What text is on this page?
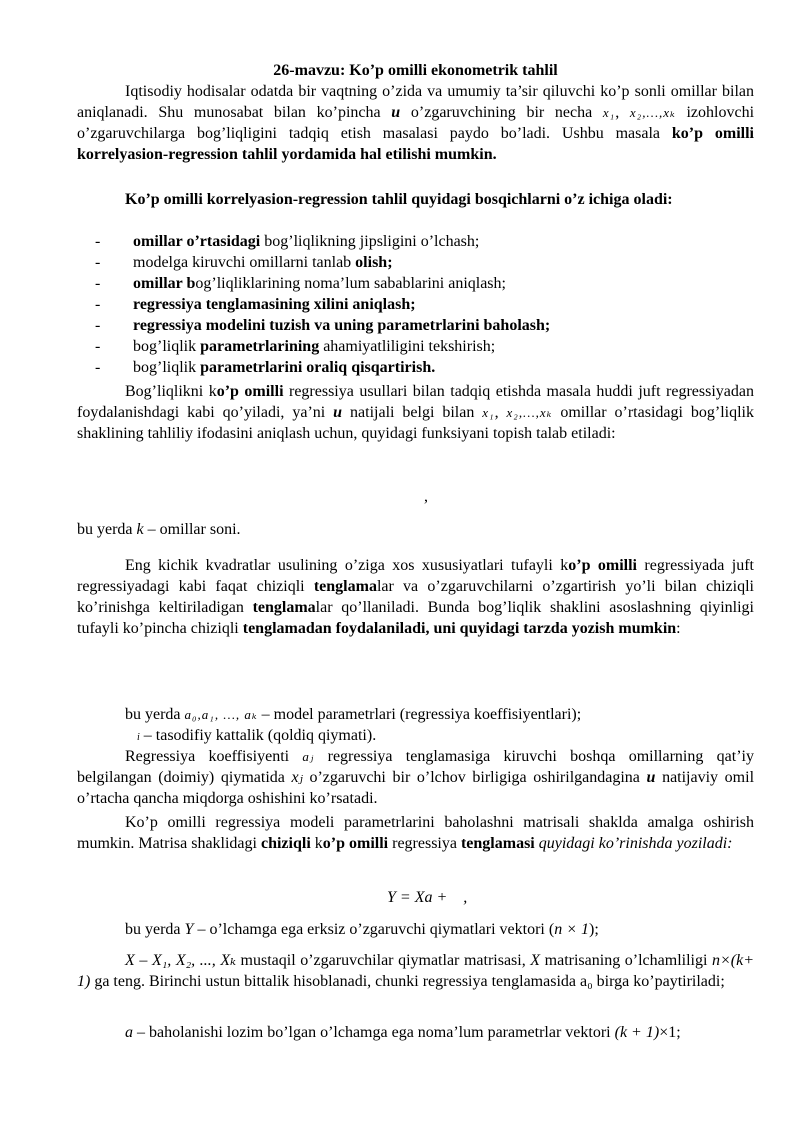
26-mavzu: Ko’p omilli ekonometrik tahlil

Iqtisodiy hodisalar odatda bir vaqtning o’zida va umumiy ta’sir qiluvchi ko’p sonli omillar bilan aniqlanadi. Shu munosabat bilan ko’pincha u o’zgaruvchining bir necha x₁, x₂,…,xₖ izohlovchi o’zgaruvchilarga bog’liqligini tadqiq etish masalasi paydo bo’ladi. Ushbu masala ko’p omilli korrelyasion-regression tahlil yordamida hal etilishi mumkin.

Ko’p omilli korrelyasion-regression tahlil quyidagi bosqichlarni o’z ichiga oladi:

- omillar o’rtasidagi bog’liqlikning jipsligini o’lchash;
- modelga kiruvchi omillarni tanlab olish;
- omillar bog’liqliklarining noma’lum sabablarini aniqlash;
- regressiya tenglamasining xilini aniqlash;
- regressiya modelini tuzish va uning parametrlarini baholash;
- bog’liqlik parametrlarining ahamiyatliligini tekshirish;
- bog’liqlik parametrlarini oraliq qisqartirish.

Bog’liqlikni ko’p omilli regressiya usullari bilan tadqiq etishda masala huddi juft regressiyadan foydalanishdagi kabi qo’yiladi, ya’ni u natijali belgi bilan x₁, x₂,…,xₖ omillar o’rtasidagi bog’liqlik shaklining tahliliy ifodasini aniqlash uchun, quyidagi funksiyani topish talab etiladi:

,

bu yerda k – omillar soni.

Eng kichik kvadratlar usulining o’ziga xos xususiyatlari tufayli ko’p omilli regressiyada juft regressiyadagi kabi faqat chiziqli tenglamalar va o’zgaruvchilarni o’zgartirish yo’li bilan chiziqli ko’rinishga keltiriladigan tenglamalar qo’llaniladi. Bunda bog’liqlik shaklini asoslashning qiyinligi tufayli ko’pincha chiziqli tenglamadan foydalaniladi, uni quyidagi tarzda yozish mumkin:

bu yerda a₀,a₁, …, aₖ – model parametrlari (regressiya koeffisiyentlari);

i – tasodifiy kattalik (qoldiq qiymati).

Regressiya koeffisiyenti aⱼ regressiya tenglamasiga kiruvchi boshqa omillarning qat’iy belgilangan (doimiy) qiymatida xⱼ o’zgaruvchi bir o’lchov birligiga oshirilgandagina u natijaviy omil o’rtacha qancha miqdorga oshishini ko’rsatadi.

Ko’p omilli regressiya modeli parametrlarini baholashni matrisali shaklda amalga oshirish mumkin. Matrisa shaklidagi chiziqli ko’p omilli regressiya tenglamasi quyidagi ko’rinishda yoziladi:

Y = Xa +    ,

bu yerda Y – o’lchamga ega erksiz o’zgaruvchi qiymatlari vektori (n × 1);

X – X₁, X₂, ..., Xₖ mustaqil o’zgaruvchilar qiymatlar matrisasi, X matrisaning o’lchamliligi n×(k+ 1) ga teng. Birinchi ustun bittalik hisoblanadi, chunki regressiya tenglamasida a₀ birga ko’paytiriladi;

a – baholanishi lozim bo’lgan o’lchamga ega noma’lum parametrlar vektori (k + 1)×1;
